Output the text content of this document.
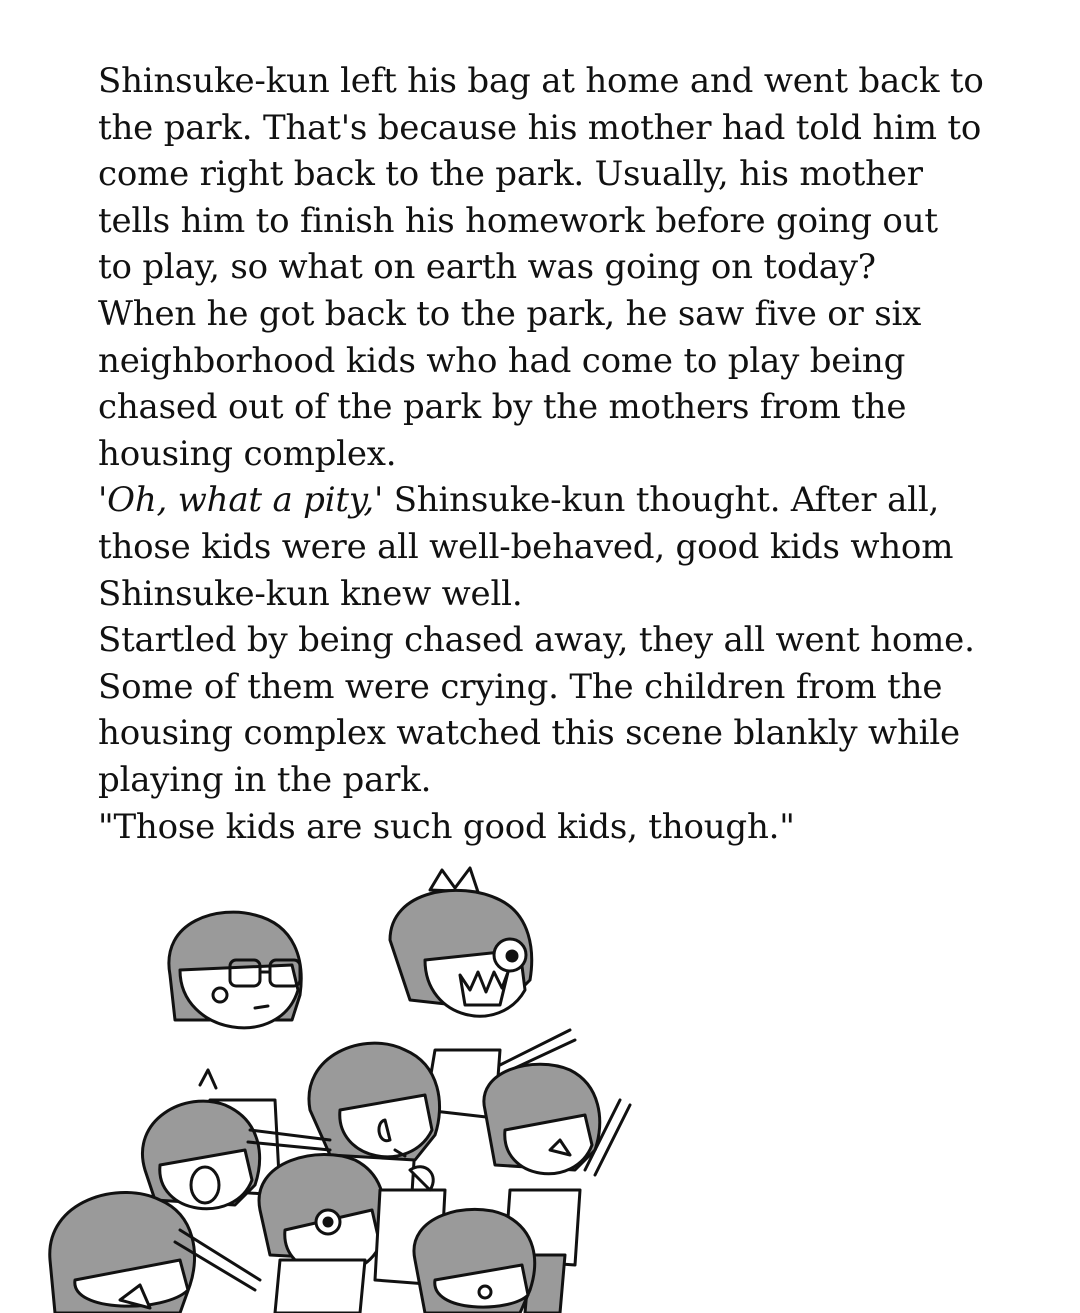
Shinsuke-kun left his bag at home and went back to
the park. That's because his mother had told him to
come right back to the park. Usually, his mother
tells him to finish his homework before going out
to play, so what on earth was going on today?

When he got back to the park, he saw five or six
neighborhood kids who had come to play being
chased out of the park by the mothers from the
housing complex.

'Oh, what a pity,' Shinsuke-kun thought. After all,
those kids were all well-behaved, good kids whom
Shinsuke-kun knew well.

Startled by being chased away, they all went home.
Some of them were crying. The children from the
housing complex watched this scene blankly while
playing in the park.

"Those kids are such good kids, though."
